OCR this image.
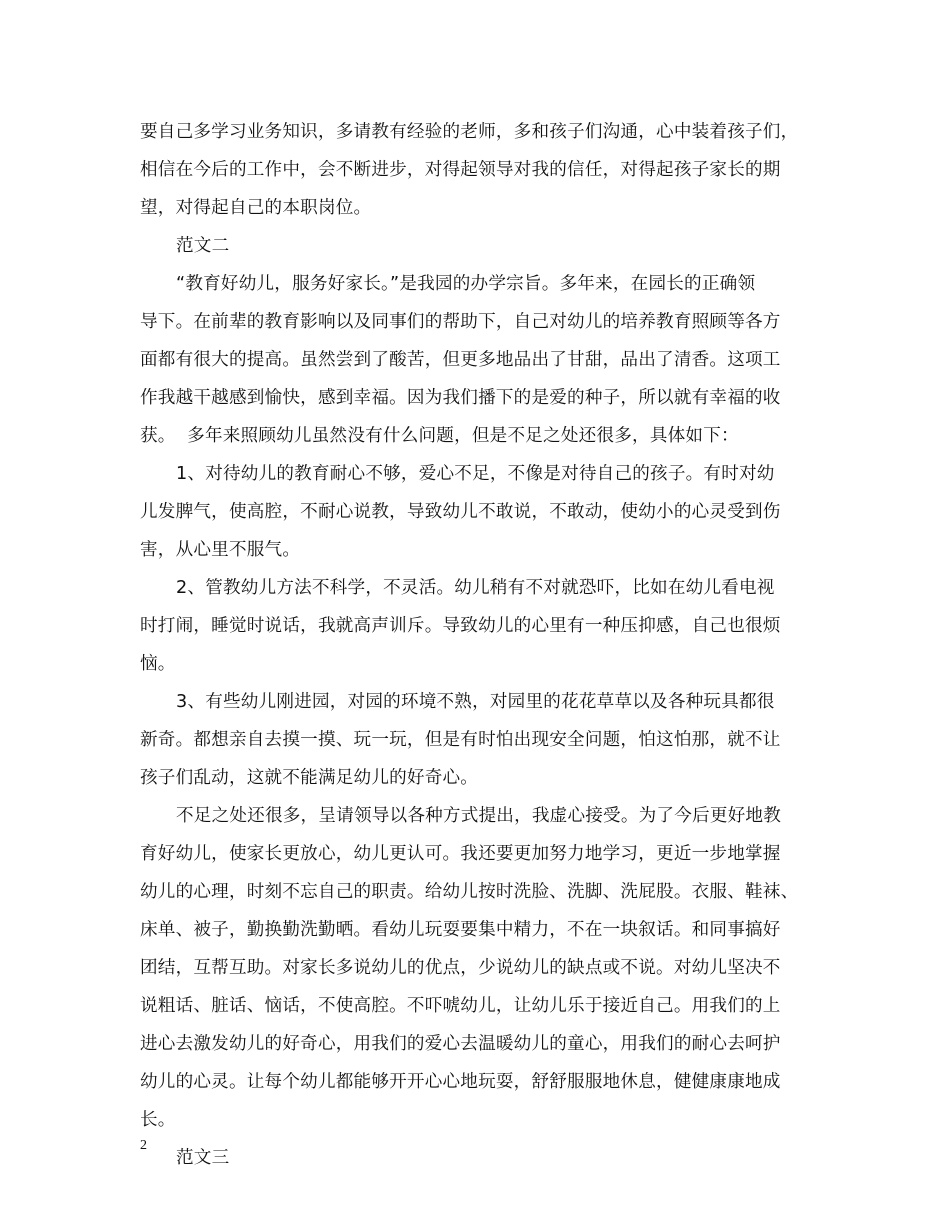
要自己多学习业务知识，多请教有经验的老师，多和孩子们沟通，心中装着孩子们，
相信在今后的工作中，会不断进步，对得起领导对我的信任，对得起孩子家长的期
望，对得起自己的本职岗位。
范文二
“教育好幼儿，服务好家长。”是我园的办学宗旨。多年来，在园长的正确领
导下。在前辈的教育影响以及同事们的帮助下，自己对幼儿的培养教育照顾等各方
面都有很大的提高。虽然尝到了酸苦，但更多地品出了甘甜，品出了清香。这项工
作我越干越感到愉快，感到幸福。因为我们播下的是爱的种子，所以就有幸福的收
获。  多年来照顾幼儿虽然没有什么问题，但是不足之处还很多，具体如下：
1、对待幼儿的教育耐心不够，爱心不足，不像是对待自己的孩子。有时对幼
儿发脾气，使高腔，不耐心说教，导致幼儿不敢说，不敢动，使幼小的心灵受到伤
害，从心里不服气。
2、管教幼儿方法不科学，不灵活。幼儿稍有不对就恐吓，比如在幼儿看电视
时打闹，睡觉时说话，我就高声训斥。导致幼儿的心里有一种压抑感，自己也很烦
恼。
3、有些幼儿刚进园，对园的环境不熟，对园里的花花草草以及各种玩具都很
新奇。都想亲自去摸一摸、玩一玩，但是有时怕出现安全问题，怕这怕那，就不让
孩子们乱动，这就不能满足幼儿的好奇心。
不足之处还很多，呈请领导以各种方式提出，我虚心接受。为了今后更好地教
育好幼儿，使家长更放心，幼儿更认可。我还要更加努力地学习，更近一步地掌握
幼儿的心理，时刻不忘自己的职责。给幼儿按时洗脸、洗脚、洗屁股。衣服、鞋袜、
床单、被子，勤换勤洗勤晒。看幼儿玩耍要集中精力，不在一块叙话。和同事搞好
团结，互帮互助。对家长多说幼儿的优点，少说幼儿的缺点或不说。对幼儿坚决不
说粗话、脏话、恼话，不使高腔。不吓唬幼儿，让幼儿乐于接近自己。用我们的上
进心去激发幼儿的好奇心，用我们的爱心去温暖幼儿的童心，用我们的耐心去呵护
幼儿的心灵。让每个幼儿都能够开开心心地玩耍，舒舒服服地休息，健健康康地成
长。
范文三
2
